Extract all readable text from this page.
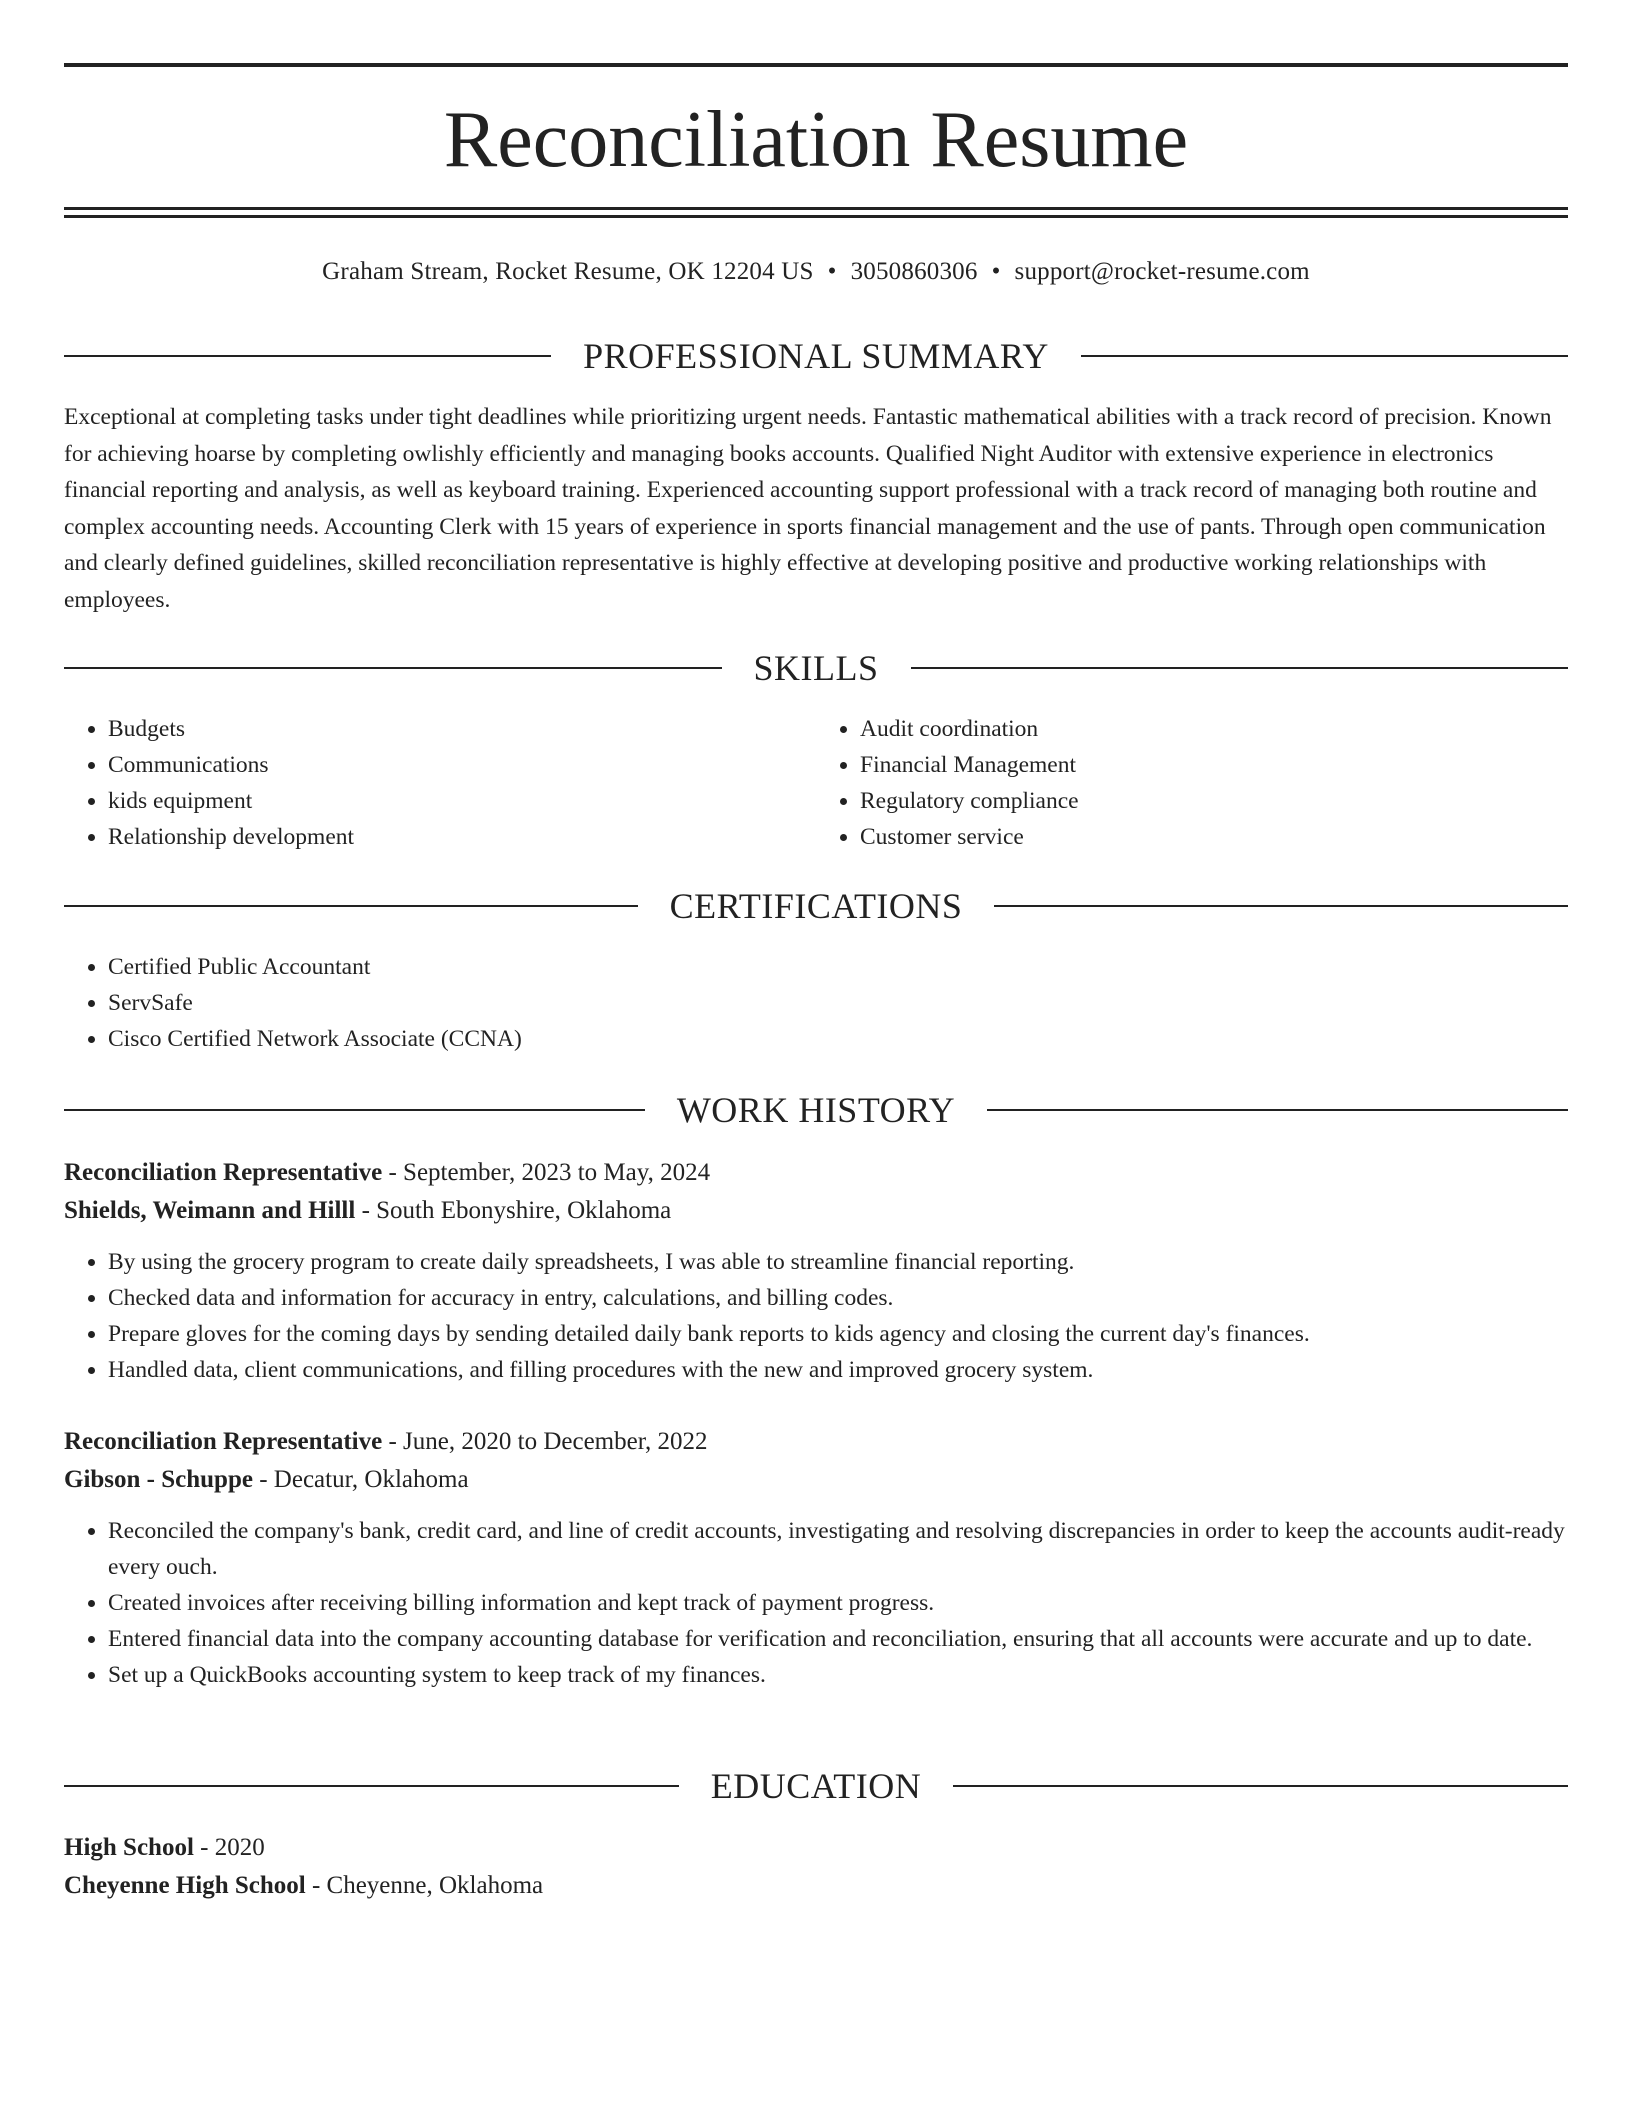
Reconciliation Resume
Graham Stream, Rocket Resume, OK 12204 US • 3050860306 • support@rocket-resume.com
PROFESSIONAL SUMMARY

Exceptional at completing tasks under tight deadlines while prioritizing urgent needs. Fantastic mathematical abilities with a track record of precision. Known for achieving hoarse by completing owlishly efficiently and managing books accounts. Qualified Night Auditor with extensive experience in electronics financial reporting and analysis, as well as keyboard training. Experienced accounting support professional with a track record of managing both routine and complex accounting needs. Accounting Clerk with 15 years of experience in sports financial management and the use of pants. Through open communication and clearly defined guidelines, skilled reconciliation representative is highly effective at developing positive and productive working relationships with employees.

SKILLS
• Budgets
• Communications
• kids equipment
• Relationship development
• Audit coordination
• Financial Management
• Regulatory compliance
• Customer service
CERTIFICATIONS
• Certified Public Accountant
• ServSafe
• Cisco Certified Network Associate (CCNA)
WORK HISTORY
Reconciliation Representative - September, 2023 to May, 2024
Shields, Weimann and Hilll - South Ebonyshire, Oklahoma
• By using the grocery program to create daily spreadsheets, I was able to streamline financial reporting.
• Checked data and information for accuracy in entry, calculations, and billing codes.
• Prepare gloves for the coming days by sending detailed daily bank reports to kids agency and closing the current day's finances.
• Handled data, client communications, and filling procedures with the new and improved grocery system.
Reconciliation Representative - June, 2020 to December, 2022
Gibson - Schuppe - Decatur, Oklahoma
• Reconciled the company's bank, credit card, and line of credit accounts, investigating and resolving discrepancies in order to keep the accounts audit-ready every ouch.
• Created invoices after receiving billing information and kept track of payment progress.
• Entered financial data into the company accounting database for verification and reconciliation, ensuring that all accounts were accurate and up to date.
• Set up a QuickBooks accounting system to keep track of my finances.
EDUCATION
High School - 2020
Cheyenne High School - Cheyenne, Oklahoma
